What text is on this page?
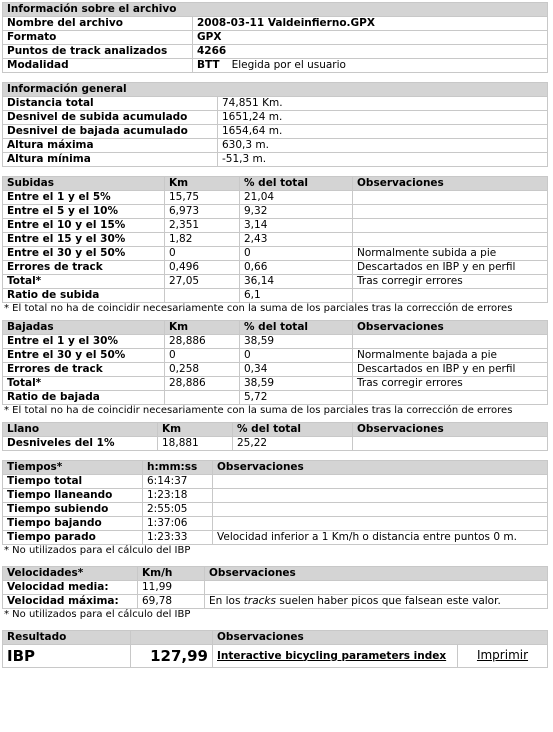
Información sobre el archivo	
Nombre del archivo	2008-03-11 Valdeinfierno.GPX
Formato	GPX
Puntos de track analizados	4266
Modalidad	BTT Elegida por el usuario
Información general	
Distancia total	74,851 Km.
Desnivel de subida acumulado	1651,24 m.
Desnivel de bajada acumulado	1654,64 m.
Altura máxima	630,3 m.
Altura mínima	-51,3 m.
Subidas	Km	% del total	Observaciones
Entre el 1 y el 5%	15,75	21,04	
Entre el 5 y el 10%	6,973	9,32	
Entre el 10 y el 15%	2,351	3,14	
Entre el 15 y el 30%	1,82	2,43	
Entre el 30 y el 50%	0	0	Normalmente subida a pie
Errores de track	0,496	0,66	Descartados en IBP y en perfil
Total*	27,05	36,14	Tras corregir errores
Ratio de subida		6,1	
* El total no ha de coincidir necesariamente con la suma de los parciales tras la corrección de errores
Bajadas	Km	% del total	Observaciones
Entre el 1 y el 30%	28,886	38,59	
Entre el 30 y el 50%	0	0	Normalmente bajada a pie
Errores de track	0,258	0,34	Descartados en IBP y en perfil
Total*	28,886	38,59	Tras corregir errores
Ratio de bajada		5,72	
* El total no ha de coincidir necesariamente con la suma de los parciales tras la corrección de errores
Llano	Km	% del total	Observaciones
Desniveles del 1%	18,881	25,22	
Tiempos*	h:mm:ss	Observaciones
Tiempo total	6:14:37	
Tiempo llaneando	1:23:18	
Tiempo subiendo	2:55:05	
Tiempo bajando	1:37:06	
Tiempo parado	1:23:33	Velocidad inferior a 1 Km/h o distancia entre puntos 0 m.
* No utilizados para el cálculo del IBP
Velocidades*	Km/h	Observaciones
Velocidad media:	11,99	
Velocidad máxima:	69,78	En los tracks suelen haber picos que falsean este valor.
* No utilizados para el cálculo del IBP
Resultado		Observaciones	
IBP	127,99	Interactive bicycling parameters index	Imprimir
